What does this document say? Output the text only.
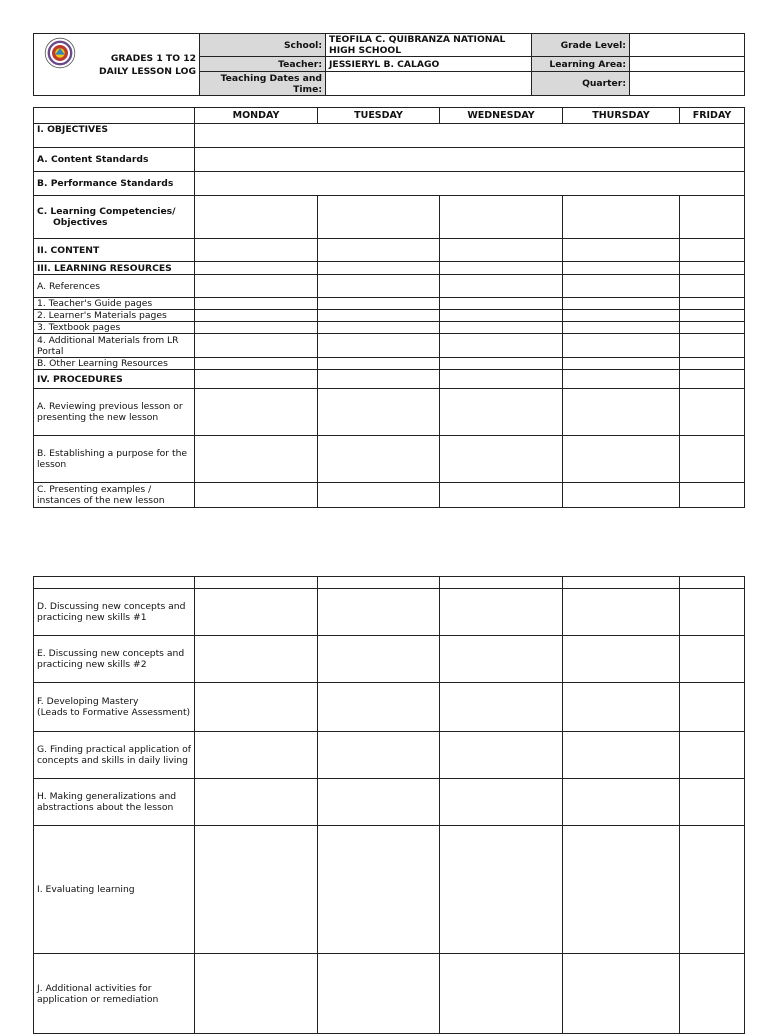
GRADES 1 TO 12
DAILY LESSON LOG	School:	TEOFILA C. QUIBRANZA NATIONAL HIGH SCHOOL	Grade Level:	
	Teacher:	JESSIERYL B. CALAGO	Learning Area:	
	Teaching Dates and Time:		Quarter:	
	MONDAY	TUESDAY	WEDNESDAY	THURSDAY	FRIDAY
I. OBJECTIVES					
A. Content Standards					
B. Performance Standards					

C. Learning Competencies/
Objectives					

II. CONTENT					
III. LEARNING RESOURCES					
A. References					
1. Teacher's Guide pages					
2. Learner's Materials pages					
3. Textbook pages					
4. Additional Materials from LR Portal					
B. Other Learning Resources					
IV. PROCEDURES					
A. Reviewing previous lesson or presenting the new lesson					
B. Establishing a purpose for the lesson					
C. Presenting examples / instances of the new lesson					

D. Discussing new concepts and practicing new skills #1					
E. Discussing new concepts and practicing new skills #2					

F. Developing Mastery
(Leads to Formative Assessment)					

G. Finding practical application of concepts and skills in daily living					
H. Making generalizations and abstractions about the lesson					
I. Evaluating learning					
J. Additional activities for application or remediation					
